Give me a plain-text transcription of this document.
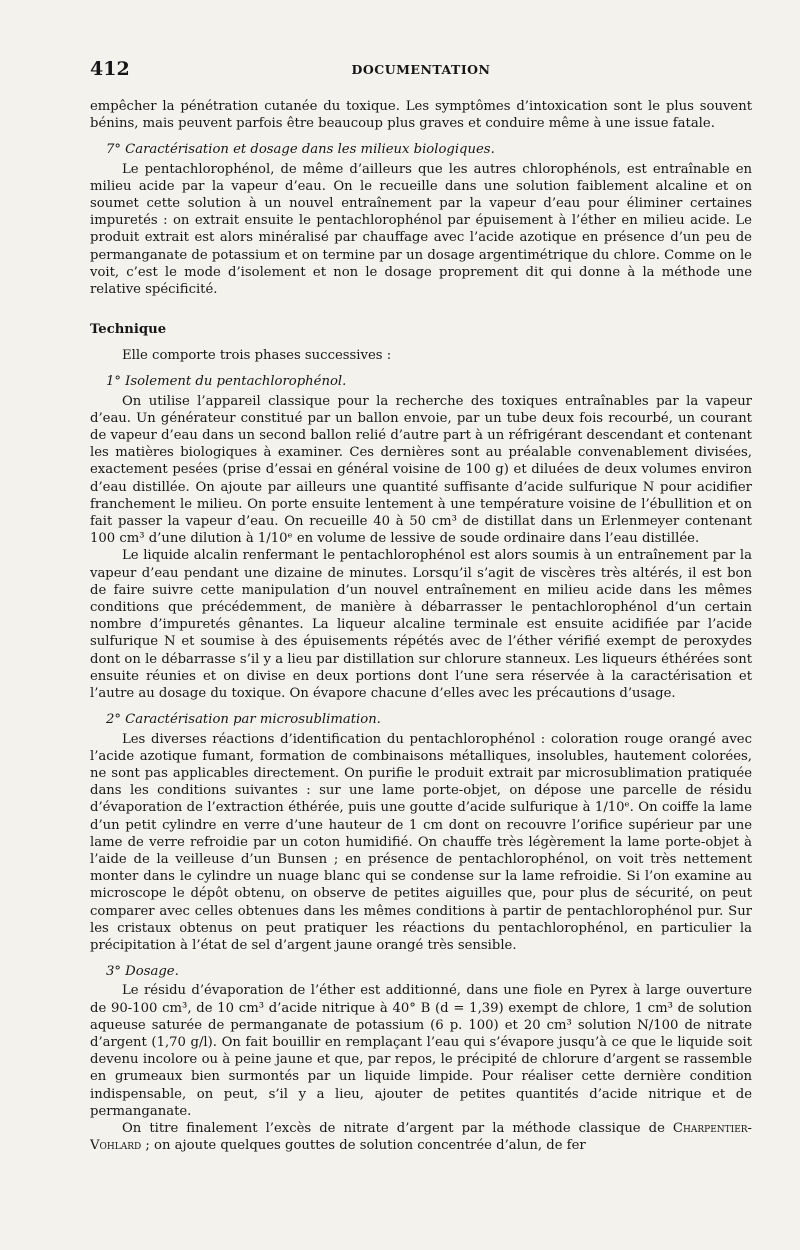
412	DOCUMENTATION

empêcher la pénétration cutanée du toxique. Les symptômes d’intoxication sont le plus souvent bénins, mais peuvent parfois être beaucoup plus graves et conduire même à une issue fatale.

7° Caractérisation et dosage dans les milieux biologiques.

Le pentachlorophénol, de même d’ailleurs que les autres chlorophénols, est entraînable en milieu acide par la vapeur d’eau. On le recueille dans une solution faiblement alcaline et on soumet cette solution à un nouvel entraînement par la vapeur d’eau pour éliminer certaines impuretés : on extrait ensuite le pentachlorophénol par épuisement à l’éther en milieu acide. Le produit extrait est alors minéralisé par chauffage avec l’acide azotique en présence d’un peu de permanganate de potassium et on termine par un dosage argentimétrique du chlore. Comme on le voit, c’est le mode d’isolement et non le dosage proprement dit qui donne à la méthode une relative spécificité.

Technique

Elle comporte trois phases successives :

1° Isolement du pentachlorophénol.

On utilise l’appareil classique pour la recherche des toxiques entraînables par la vapeur d’eau. Un générateur constitué par un ballon envoie, par un tube deux fois recourbé, un courant de vapeur d’eau dans un second ballon relié d’autre part à un réfrigérant descendant et contenant les matières biologiques à examiner. Ces dernières sont au préalable convenablement divisées, exactement pesées (prise d’essai en général voisine de 100 g) et diluées de deux volumes environ d’eau distillée. On ajoute par ailleurs une quantité suffisante d’acide sulfurique N pour acidifier franchement le milieu. On porte ensuite lentement à une température voisine de l’ébullition et on fait passer la vapeur d’eau. On recueille 40 à 50 cm³ de distillat dans un Erlenmeyer contenant 100 cm³ d’une dilution à 1/10ᵉ en volume de lessive de soude ordinaire dans l’eau distillée.

Le liquide alcalin renfermant le pentachlorophénol est alors soumis à un entraînement par la vapeur d’eau pendant une dizaine de minutes. Lorsqu’il s’agit de viscères très altérés, il est bon de faire suivre cette manipulation d’un nouvel entraînement en milieu acide dans les mêmes conditions que précédemment, de manière à débarrasser le pentachlorophénol d’un certain nombre d’impuretés gênantes. La liqueur alcaline terminale est ensuite acidifiée par l’acide sulfurique N et soumise à des épuisements répétés avec de l’éther vérifié exempt de peroxydes dont on le débarrasse s’il y a lieu par distillation sur chlorure stanneux. Les liqueurs éthérées sont ensuite réunies et on divise en deux portions dont l’une sera réservée à la caractérisation et l’autre au dosage du toxique. On évapore chacune d’elles avec les précautions d’usage.

2° Caractérisation par microsublimation.

Les diverses réactions d’identification du pentachlorophénol : coloration rouge orangé avec l’acide azotique fumant, formation de combinaisons métalliques, insolubles, hautement colorées, ne sont pas applicables directement. On purifie le produit extrait par microsublimation pratiquée dans les conditions suivantes : sur une lame porte-objet, on dépose une parcelle de résidu d’évaporation de l’extraction éthérée, puis une goutte d’acide sulfurique à 1/10ᵉ. On coiffe la lame d’un petit cylindre en verre d’une hauteur de 1 cm dont on recouvre l’orifice supérieur par une lame de verre refroidie par un coton humidifié. On chauffe très légèrement la lame porte-objet à l’aide de la veilleuse d’un Bunsen ; en présence de pentachlorophénol, on voit très nettement monter dans le cylindre un nuage blanc qui se condense sur la lame refroidie. Si l’on examine au microscope le dépôt obtenu, on observe de petites aiguilles que, pour plus de sécurité, on peut comparer avec celles obtenues dans les mêmes conditions à partir de pentachlorophénol pur. Sur les cristaux obtenus on peut pratiquer les réactions du pentachlorophénol, en particulier la précipitation à l’état de sel d’argent jaune orangé très sensible.

3° Dosage.

Le résidu d’évaporation de l’éther est additionné, dans une fiole en Pyrex à large ouverture de 90-100 cm³, de 10 cm³ d’acide nitrique à 40° B (d = 1,39) exempt de chlore, 1 cm³ de solution aqueuse saturée de permanganate de potassium (6 p. 100) et 20 cm³ solution N/100 de nitrate d’argent (1,70 g/l). On fait bouillir en remplaçant l’eau qui s’évapore jusqu’à ce que le liquide soit devenu incolore ou à peine jaune et que, par repos, le précipité de chlorure d’argent se rassemble en grumeaux bien surmontés par un liquide limpide. Pour réaliser cette dernière condition indispensable, on peut, s’il y a lieu, ajouter de petites quantités d’acide nitrique et de permanganate.

On titre finalement l’excès de nitrate d’argent par la méthode classique de Charpentier-Vohlard ; on ajoute quelques gouttes de solution concentrée d’alun, de fer
